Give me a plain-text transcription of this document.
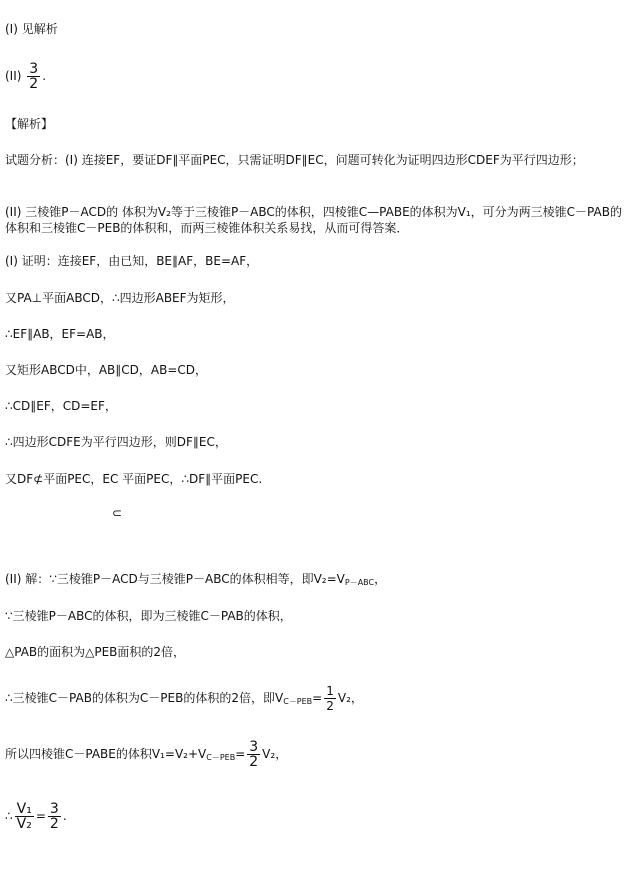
(I) 见解析
$(II) \frac{3}{2}$ .
【解析】
试题分析：(I) 连接EF，要证DF∥平面PEC，只需证明DF∥EC，问题可转化为证明四边形CDEF为平行四边形；
(II) 三棱锥P－ACD的 体积为V₂等于三棱锥P－ABC的体积，四棱锥C—PABE的体积为V₁，可分为两三棱锥C－PAB的体积和三棱锥C－PEB的体积和，而两三棱锥体积关系易找，从而可得答案．
(I) 证明：连接EF，由已知，BE∥AF，BE=AF，
又PA⊥平面ABCD，∴四边形ABEF为矩形，
∴EF∥AB，EF=AB，
又矩形ABCD中，AB∥CD，AB=CD，
∴CD∥EF，CD=EF，
∴四边形CDFE为平行四边形，则DF∥EC，
又DF⊄平面PEC，EC 平面PEC，∴DF∥平面PEC.
⊂
(II) 解：∵三棱锥P－ACD与三棱锥P－ABC的体积相等，即$V_2=V_{P-ABC}$，
∵三棱锥P－ABC的体积，即为三棱锥C－PAB的体积，
△PAB的面积为△PEB面积的2倍，
∴三棱锥C－PAB的体积为C－PEB的体积的2倍，即$V_{C-PEB}= \frac{1}{2} V_2$，
所以四棱锥C－PABE的体积$V_1=V_2+V_{C-PEB}= \frac{3}{2} V_2$，
∴ $\frac{\text{V₁}}{\text{V₂}} = \frac{3}{2}$ .
